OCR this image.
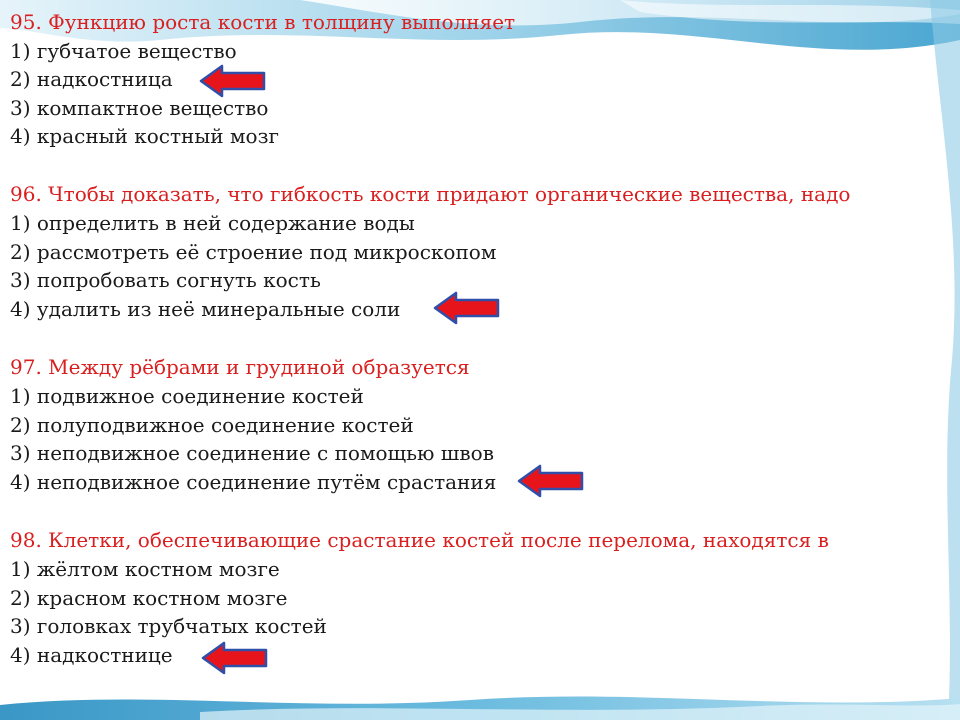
95. Функцию роста кости в толщину выполняет
1) губчатое вещество
2) надкостница
3) компактное вещество
4) красный костный мозг
96. Чтобы доказать, что гибкость кости придают органические вещества, надо
1) определить в ней содержание воды
2) рассмотреть её строение под микроскопом
3) попробовать согнуть кость
4) удалить из неё минеральные соли
97. Между рёбрами и грудиной образуется
1) подвижное соединение костей
2) полуподвижное соединение костей
3) неподвижное соединение с помощью швов
4) неподвижное соединение путём срастания
98. Клетки, обеспечивающие срастание костей после перелома, находятся в
1) жёлтом костном мозге
2) красном костном мозге
3) головках трубчатых костей
4) надкостнице
